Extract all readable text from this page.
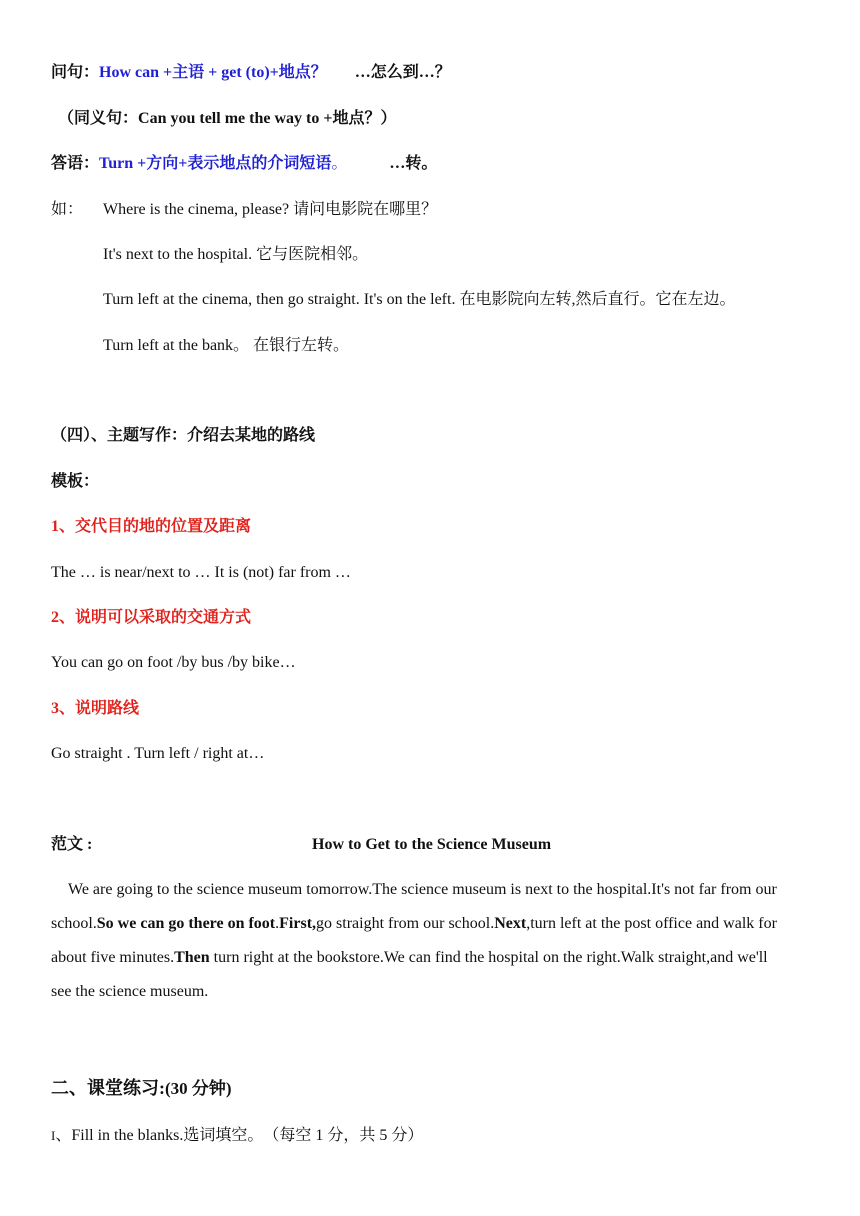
问句：How can +主语 + get (to)+地点？ …怎么到…？
（同义句：Can you tell me the way to +地点？）
答语：Turn +方向+表示地点的介词短语。	…转。
如： Where is the cinema, please? 请问电影院在哪里？
It's next to the hospital. 它与医院相邻。
Turn left at the cinema, then go straight. It's on the left. 在电影院向左转,然后直行。它在左边。
Turn left at the bank。 在银行左转。
（四）、主题写作：介绍去某地的路线
模板：
1、交代目的地的位置及距离
The … is near/next to … It is (not) far from …
2、说明可以采取的交通方式
You can go on foot /by bus /by bike…
3、说明路线
Go straight . Turn left / right at…
范文 :	How to Get to the Science Museum
We are going to the science museum tomorrow.The science museum is next to the hospital.It's not far from our school.So we can go there on foot.First,go straight from our school.Next,turn left at the post office and walk for about five minutes.Then turn right at the bookstore.We can find the hospital on the right.Walk straight,and we'll see the science museum.
二、课堂练习:(30 分钟)
I、Fill in the blanks.选词填空。 （每空 1 分，共 5 分）
